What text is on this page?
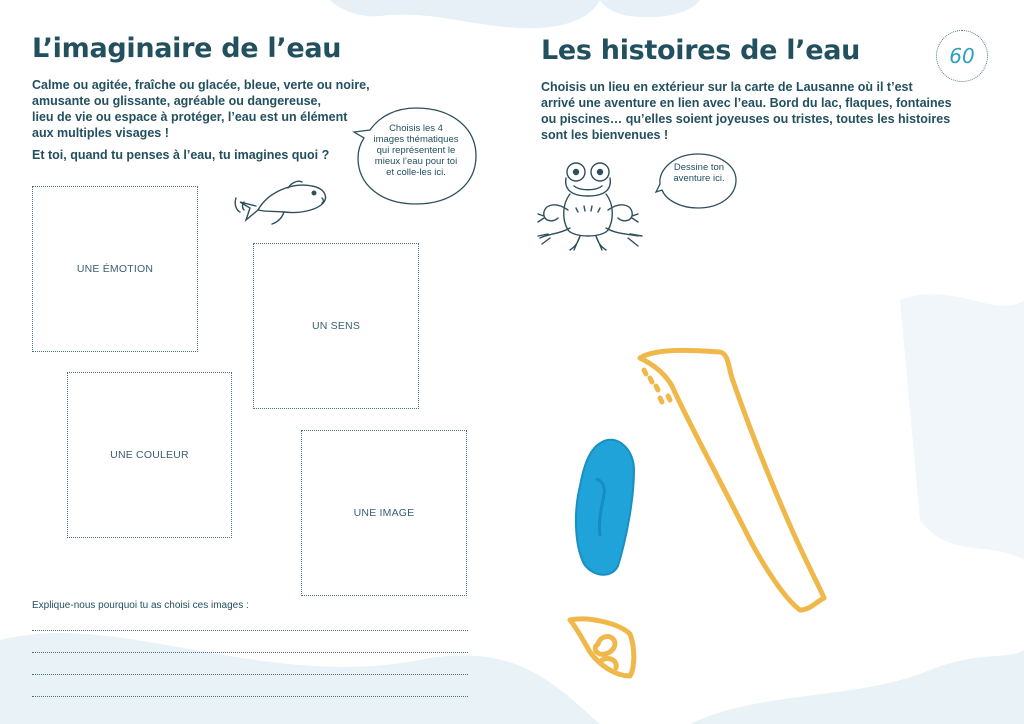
L’imaginaire de l’eau
Calme ou agitée, fraîche ou glacée, bleue, verte ou noire,
amusante ou glissante, agréable ou dangereuse,
lieu de vie ou espace à protéger, l’eau est un élément
aux multiples visages !
Et toi, quand tu penses à l’eau, tu imagines quoi ?
Choisis les 4
images thématiques
qui représentent le
mieux l’eau pour toi
et colle-les ici.
UNE ÉMOTION
UN SENS
UNE COULEUR
UNE IMAGE
Explique-nous pourquoi tu as choisi ces images :
Les histoires de l’eau	60
Choisis un lieu en extérieur sur la carte de Lausanne où il t’est
arrivé une aventure en lien avec l’eau. Bord du lac, flaques, fontaines
ou piscines… qu’elles soient joyeuses ou tristes, toutes les histoires
sont les bienvenues !
Dessine ton
aventure ici.
